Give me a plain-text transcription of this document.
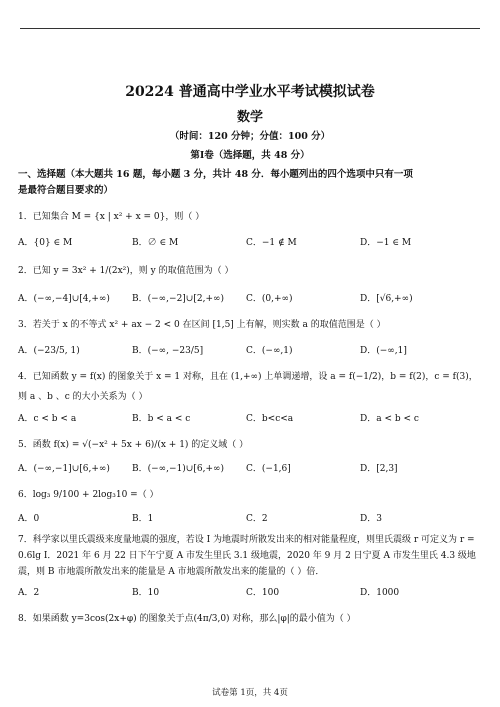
20224 普通高中学业水平考试模拟试卷
数学
（时间：120 分钟；分值：100 分）
第Ⅰ卷（选择题，共 48 分）
一、选择题（本大题共 16 题，每小题 3 分，共计 48 分．每小题列出的四个选项中只有一项
是最符合题目要求的）
1．已知集合 M = {x | x² + x = 0}，则（ ）
A．{0} ∈ M	B．∅ ∈ M	C．−1 ∉ M	D．−1 ∈ M
2．已知 y = 3x² + 1/(2x²)，则 y 的取值范围为（ ）
A．(−∞,−4]∪[4,+∞) B．(−∞,−2]∪[2,+∞) C．(0,+∞)	D．[√6,+∞)
3．若关于 x 的不等式 x² + ax − 2 < 0 在区间 [1,5] 上有解，则实数 a 的取值范围是（ ）
A．(−23/5, 1)	B．(−∞, −23/5]	C．(−∞,1)	D．(−∞,1]
4．已知函数 y = f(x) 的图象关于 x = 1 对称，且在 (1,+∞) 上单调递增，设 a = f(−1/2)，b = f(2)，c = f(3)，
则 a 、b 、c 的大小关系为（ ）
A．c < b < a	B．b < a < c	C．b<c<a	D．a < b < c
5．函数 f(x) = √(−x² + 5x + 6)/(x + 1) 的定义域（ ）
A．(−∞,−1]∪[6,+∞) B．(−∞,−1)∪[6,+∞) C．(−1,6]	D．[2,3]
6．log₃ 9/100 + 2log₃10 =（ ）
A．0	B．1	C．2	D．3
7．科学家以里氏震级来度量地震的强度，若设 I 为地震时所散发出来的相对能量程度，则里氏震级 r 可定义为 r = 0.6lg I．2021 年 6 月 22 日下午宁夏 A 市发生里氏 3.1 级地震，2020 年 9 月 2 日宁夏 A 市发生里氏 4.3 级地震，则 B 市地震所散发出来的能量是 A 市地震所散发出来的能量的（ ）倍．
A．2	B．10	C．100	D．1000
8．如果函数 y=3cos(2x+φ) 的图象关于点(4π/3,0) 对称，那么|φ|的最小值为（ ）
试卷第 1页，共 4页
